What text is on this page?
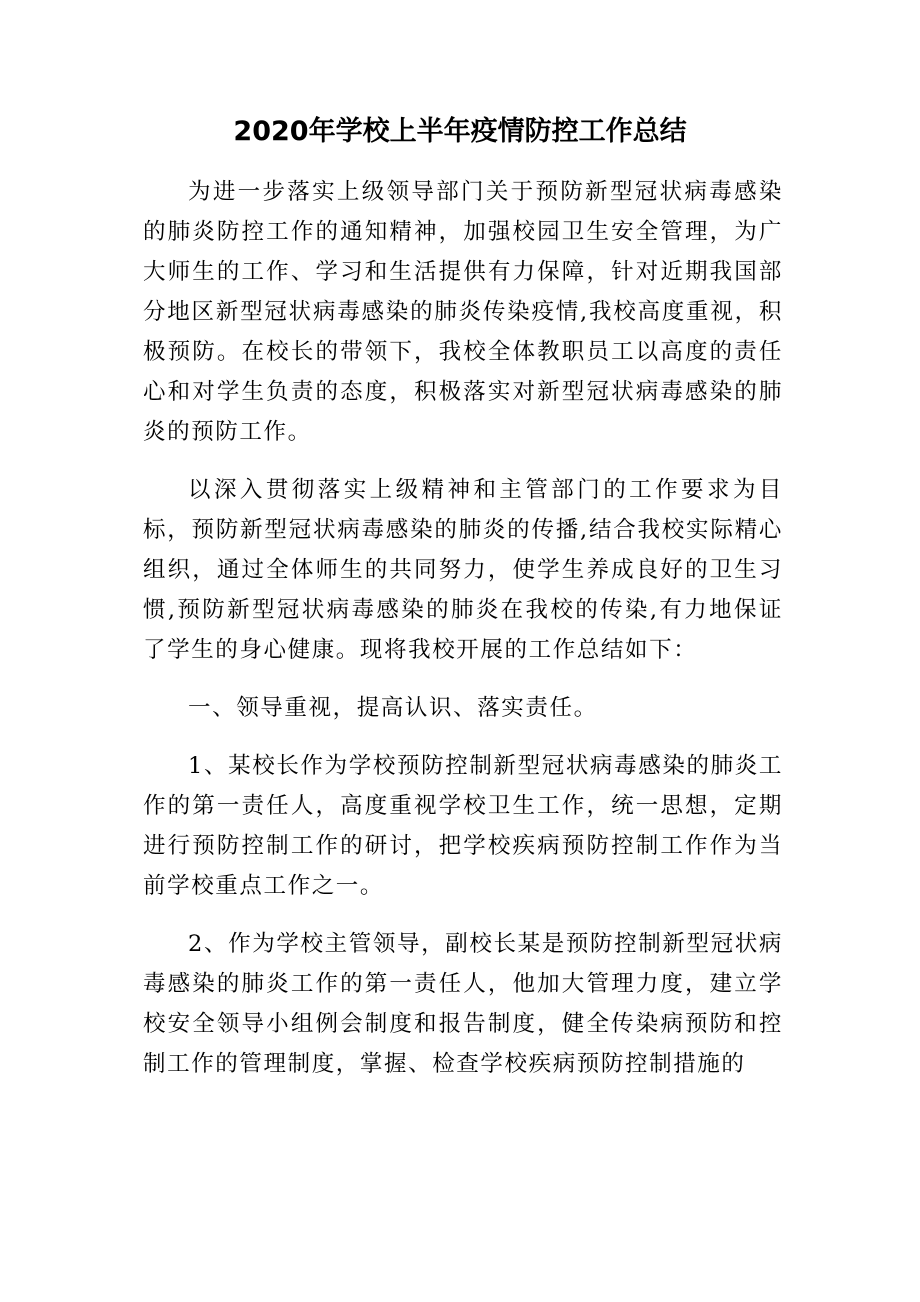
2020年学校上半年疫情防控工作总结

为进一步落实上级领导部门关于预防新型冠状病毒感染的肺炎防控工作的通知精神，加强校园卫生安全管理，为广大师生的工作、学习和生活提供有力保障，针对近期我国部分地区新型冠状病毒感染的肺炎传染疫情,我校高度重视，积极预防。在校长的带领下，我校全体教职员工以高度的责任心和对学生负责的态度，积极落实对新型冠状病毒感染的肺炎的预防工作。

以深入贯彻落实上级精神和主管部门的工作要求为目标，预防新型冠状病毒感染的肺炎的传播,结合我校实际精心组织，通过全体师生的共同努力，使学生养成良好的卫生习惯,预防新型冠状病毒感染的肺炎在我校的传染,有力地保证了学生的身心健康。现将我校开展的工作总结如下：

一、领导重视，提高认识、落实责任。

1、某校长作为学校预防控制新型冠状病毒感染的肺炎工作的第一责任人，高度重视学校卫生工作，统一思想，定期进行预防控制工作的研讨，把学校疾病预防控制工作作为当前学校重点工作之一。

2、作为学校主管领导，副校长某是预防控制新型冠状病毒感染的肺炎工作的第一责任人，他加大管理力度，建立学校安全领导小组例会制度和报告制度，健全传染病预防和控制工作的管理制度，掌握、检查学校疾病预防控制措施的
